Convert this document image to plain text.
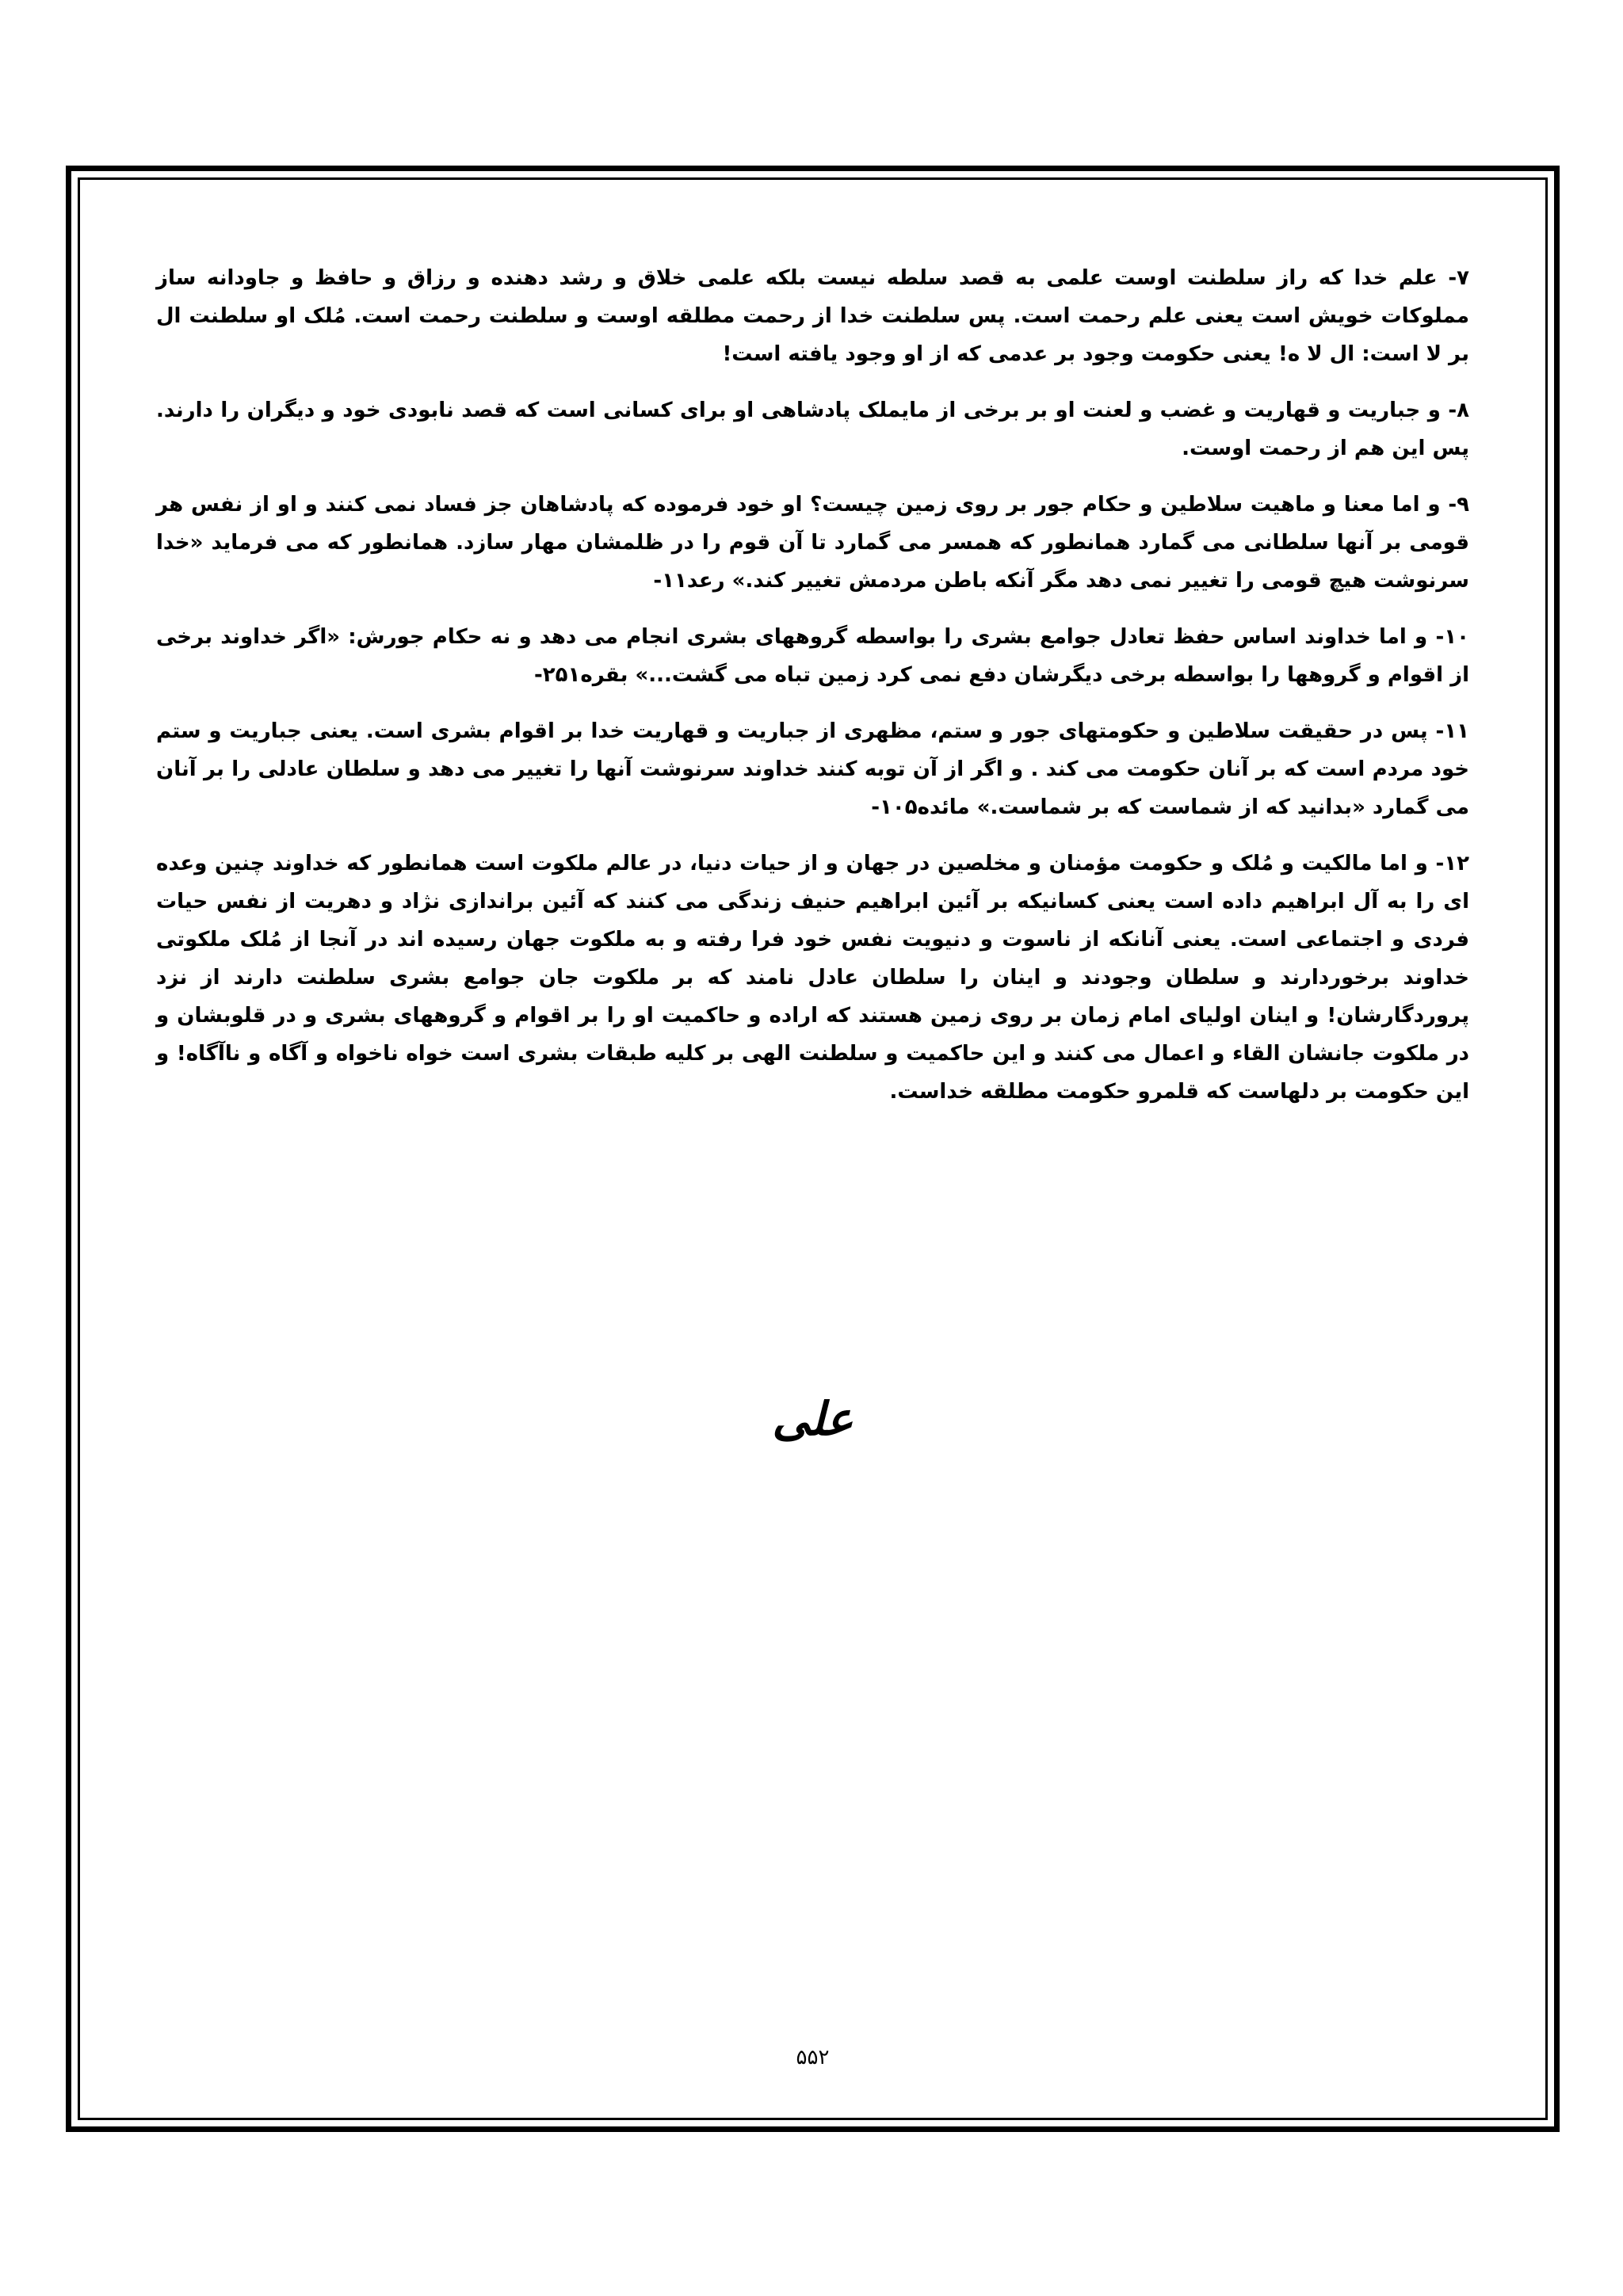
۷- علم خدا که راز سلطنت اوست علمی به قصد سلطه نیست بلکه علمی خلاق و رشد دهنده و رزاق و حافظ و جاودانه ساز مملوکات خویش است یعنی علم رحمت است. پس سلطنت خدا از رحمت مطلقه اوست و سلطنت رحمت است. مُلک او سلطنت ال بر لا است: ال لا ه! یعنی حکومت وجود بر عدمی که از او وجود یافته است!

۸- و جباریت و قهاریت و غضب و لعنت او بر برخی از مایملک پادشاهی او برای کسانی است که قصد نابودی خود و دیگران را دارند. پس این هم از رحمت اوست.

۹- و اما معنا و ماهیت سلاطین و حکام جور بر روی زمین چیست؟ او خود فرموده که پادشاهان جز فساد نمی کنند و او از نفس هر قومی بر آنها سلطانی می گمارد همانطور که همسر می گمارد تا آن قوم را در ظلمشان مهار سازد. همانطور که می فرماید «خدا سرنوشت هیچ قومی را تغییر نمی دهد مگر آنکه باطن مردمش تغییر کند.» رعد۱۱-

۱۰- و اما خداوند اساس حفظ تعادل جوامع بشری را بواسطه گروههای بشری انجام می دهد و نه حکام جورش: «اگر خداوند برخی از اقوام و گروهها را بواسطه برخی دیگرشان دفع نمی کرد زمین تباه می گشت...» بقره۲۵۱-

۱۱- پس در حقیقت سلاطین و حکومتهای جور و ستم، مظهری از جباریت و قهاریت خدا بر اقوام بشری است. یعنی جباریت و ستم خود مردم است که بر آنان حکومت می کند . و اگر از آن توبه کنند خداوند سرنوشت آنها را تغییر می دهد و سلطان عادلی را بر آنان می گمارد «بدانید که از شماست که بر شماست.» مائده۱۰۵-

۱۲- و اما مالکیت و مُلک و حکومت مؤمنان و مخلصین در جهان و از حیات دنیا، در عالم ملکوت است همانطور که خداوند چنین وعده ای را به آل ابراهیم داده است یعنی کسانیکه بر آئین ابراهیم حنیف زندگی می کنند که آئین براندازی نژاد و دهریت از نفس حیات فردی و اجتماعی است. یعنی آنانکه از ناسوت و دنیویت نفس خود فرا رفته و به ملکوت جهان رسیده اند در آنجا از مُلک ملکوتی خداوند برخوردارند و سلطان وجودند و اینان را سلطان عادل نامند که بر ملکوت جان جوامع بشری سلطنت دارند از نزد پروردگارشان! و اینان اولیای امام زمان بر روی زمین هستند که اراده و حاکمیت او را بر اقوام و گروههای بشری و در قلوبشان و در ملکوت جانشان القاء و اعمال می کنند و این حاکمیت و سلطنت الهی بر کلیه طبقات بشری است خواه ناخواه و آگاه و ناآگاه! و این حکومت بر دلهاست که قلمرو حکومت مطلقه خداست.

علی
۵۵۲
